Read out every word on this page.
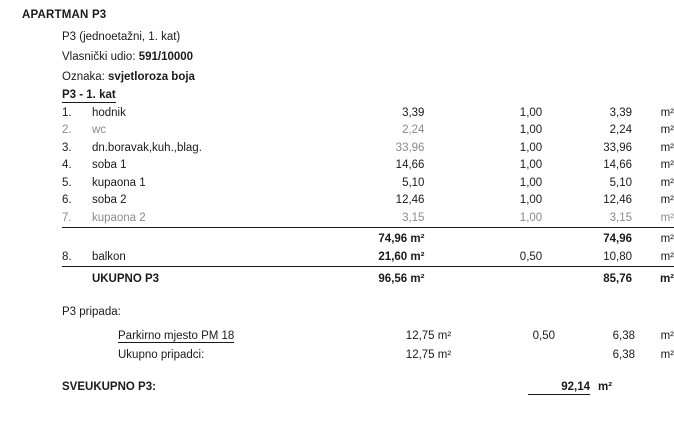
APARTMAN P3
P3 (jednoetažni, 1. kat)
Vlasnički udio: 591/10000
Oznaka: svjetloroza boja
P3 - 1. kat
1.	hodnik	3,39	1,00	3,39	m²
2.	wc	2,24	1,00	2,24	m²
3.	dn.boravak,kuh.,blag.	33,96	1,00	33,96	m²
4.	soba 1	14,66	1,00	14,66	m²
5.	kupaona 1	5,10	1,00	5,10	m²
6.	soba 2	12,46	1,00	12,46	m²
7.	kupaona 2	3,15	1,00	3,15	m²
		74,96 m²		74,96	m²
8.	balkon	21,60 m²	0,50	10,80	m²
	UKUPNO P3	96,56 m²		85,76	m²
P3 pripada:
Parkirno mjesto PM 18	12,75 m²	0,50	6,38	m²
Ukupno pripadci:	12,75 m²		6,38	m²
SVEUKUPNO P3:	92,14 m²
